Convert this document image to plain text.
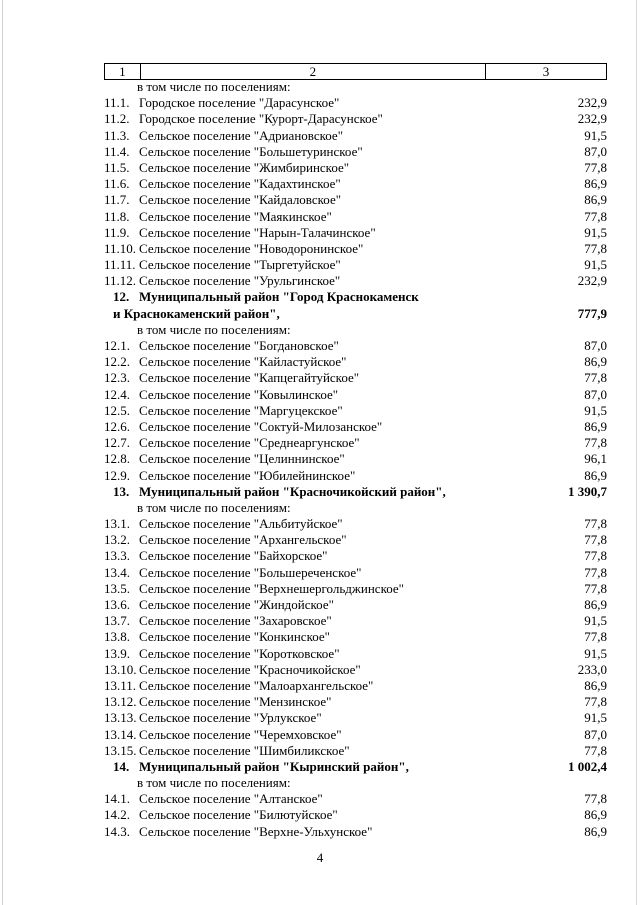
1	2	3
в том числе по поселениям:
11.1. Городское поселение "Дарасунское"	232,9
11.2. Городское поселение "Курорт-Дарасунское"	232,9
11.3. Сельское поселение "Адриановское"	91,5
11.4. Сельское поселение "Большетуринское"	87,0
11.5. Сельское поселение "Жимбиринское"	77,8
11.6. Сельское поселение "Кадахтинское"	86,9
11.7. Сельское поселение "Кайдаловское"	86,9
11.8. Сельское поселение "Маякинское"	77,8
11.9. Сельское поселение "Нарын-Талачинское"	91,5
11.10. Сельское поселение "Новодоронинское"	77,8
11.11. Сельское поселение "Тыргетуйское"	91,5
11.12. Сельское поселение "Урульгинское"	232,9
12. Муниципальный район "Город Краснокаменск
и Краснокаменский район",	777,9
в том числе по поселениям:
12.1. Сельское поселение "Богдановское"	87,0
12.2. Сельское поселение "Кайластуйское"	86,9
12.3. Сельское поселение "Капцегайтуйское"	77,8
12.4. Сельское поселение "Ковылинское"	87,0
12.5. Сельское поселение "Маргуцекское"	91,5
12.6. Сельское поселение "Соктуй-Милозанское"	86,9
12.7. Сельское поселение "Среднеаргунское"	77,8
12.8. Сельское поселение "Целиннинское"	96,1
12.9. Сельское поселение "Юбилейнинское"	86,9
13. Муниципальный район "Красночикойский район",	1 390,7
в том числе по поселениям:
13.1. Сельское поселение "Альбитуйское"	77,8
13.2. Сельское поселение "Архангельское"	77,8
13.3. Сельское поселение "Байхорское"	77,8
13.4. Сельское поселение "Большереченское"	77,8
13.5. Сельское поселение "Верхнешергольджинское"	77,8
13.6. Сельское поселение "Жиндойское"	86,9
13.7. Сельское поселение "Захаровское"	91,5
13.8. Сельское поселение "Конкинское"	77,8
13.9. Сельское поселение "Коротковское"	91,5
13.10. Сельское поселение "Красночикойское"	233,0
13.11. Сельское поселение "Малоархангельское"	86,9
13.12. Сельское поселение "Мензинское"	77,8
13.13. Сельское поселение "Урлукское"	91,5
13.14. Сельское поселение "Черемховское"	87,0
13.15. Сельское поселение "Шимбиликское"	77,8
14. Муниципальный район "Кыринский район",	1 002,4
в том числе по поселениям:
14.1. Сельское поселение "Алтанское"	77,8
14.2. Сельское поселение "Билютуйское"	86,9
14.3. Сельское поселение "Верхне-Ульхунское"	86,9
4
